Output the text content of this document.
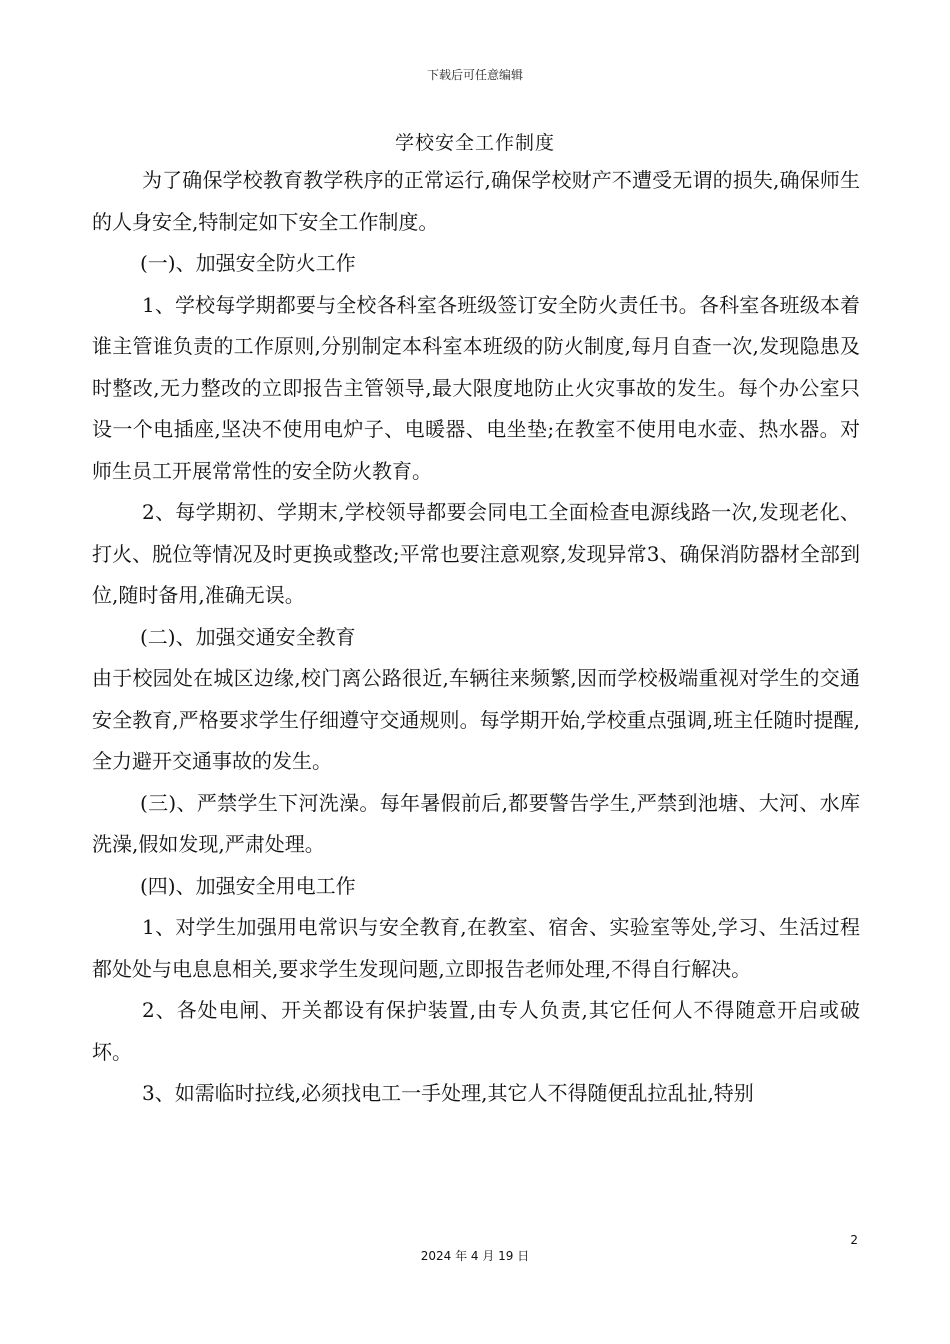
下载后可任意编辑
学校安全工作制度

为了确保学校教育教学秩序的正常运行,确保学校财产不遭受无谓的损失,确保师生的人身安全,特制定如下安全工作制度。

(一)、加强安全防火工作

1、学校每学期都要与全校各科室各班级签订安全防火责任书。各科室各班级本着谁主管谁负责的工作原则,分别制定本科室本班级的防火制度,每月自查一次,发现隐患及时整改,无力整改的立即报告主管领导,最大限度地防止火灾事故的发生。每个办公室只设一个电插座,坚决不使用电炉子、电暖器、电坐垫;在教室不使用电水壶、热水器。对师生员工开展常常性的安全防火教育。

2、每学期初、学期末,学校领导都要会同电工全面检查电源线路一次,发现老化、打火、脱位等情况及时更换或整改;平常也要注意观察,发现异常3、确保消防器材全部到位,随时备用,准确无误。

(二)、加强交通安全教育

由于校园处在城区边缘,校门离公路很近,车辆往来频繁,因而学校极端重视对学生的交通安全教育,严格要求学生仔细遵守交通规则。每学期开始,学校重点强调,班主任随时提醒,全力避开交通事故的发生。

(三)、严禁学生下河洗澡。每年暑假前后,都要警告学生,严禁到池塘、大河、水库洗澡,假如发现,严肃处理。

(四)、加强安全用电工作

1、对学生加强用电常识与安全教育,在教室、宿舍、实验室等处,学习、生活过程都处处与电息息相关,要求学生发现问题,立即报告老师处理,不得自行解决。

2、各处电闸、开关都设有保护装置,由专人负责,其它任何人不得随意开启或破坏。

3、如需临时拉线,必须找电工一手处理,其它人不得随便乱拉乱扯,特别

2
2024 年 4 月 19 日
